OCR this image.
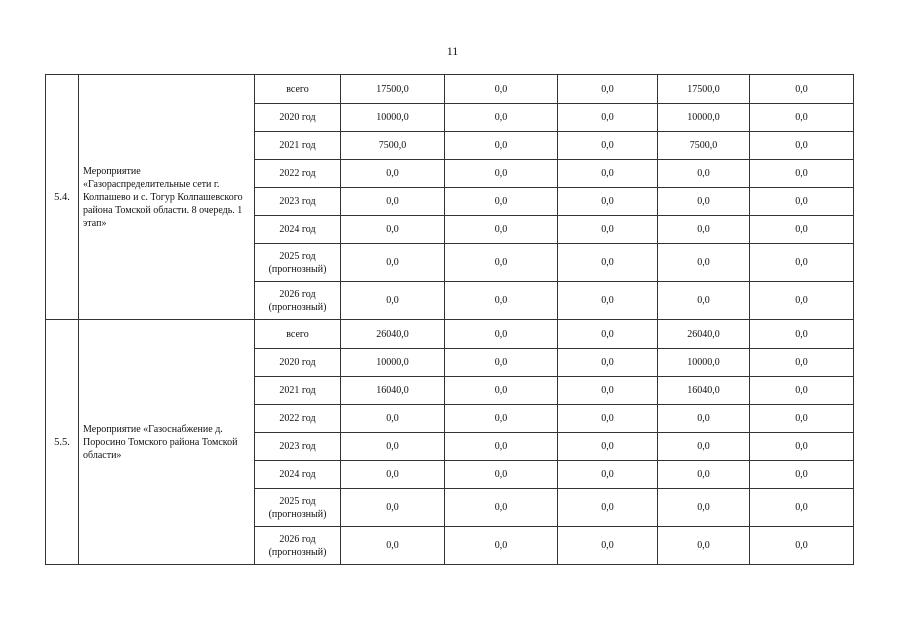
11
5.4.	Мероприятие «Газораспределительные сети г. Колпашево и с. Тогур Колпашевского района Томской области. 8 очередь. 1 этап»	всего	17500,0	0,0	0,0	17500,0	0,0
		2020 год	10000,0	0,0	0,0	10000,0	0,0
		2021 год	7500,0	0,0	0,0	7500,0	0,0
		2022 год	0,0	0,0	0,0	0,0	0,0
		2023 год	0,0	0,0	0,0	0,0	0,0
		2024 год	0,0	0,0	0,0	0,0	0,0
		2025 год (прогнозный)	0,0	0,0	0,0	0,0	0,0
		2026 год (прогнозный)	0,0	0,0	0,0	0,0	0,0
5.5.	Мероприятие «Газоснабжение д. Поросино Томского района Томской области»	всего	26040,0	0,0	0,0	26040,0	0,0
		2020 год	10000,0	0,0	0,0	10000,0	0,0
		2021 год	16040,0	0,0	0,0	16040,0	0,0
		2022 год	0,0	0,0	0,0	0,0	0,0
		2023 год	0,0	0,0	0,0	0,0	0,0
		2024 год	0,0	0,0	0,0	0,0	0,0
		2025 год (прогнозный)	0,0	0,0	0,0	0,0	0,0
		2026 год (прогнозный)	0,0	0,0	0,0	0,0	0,0
